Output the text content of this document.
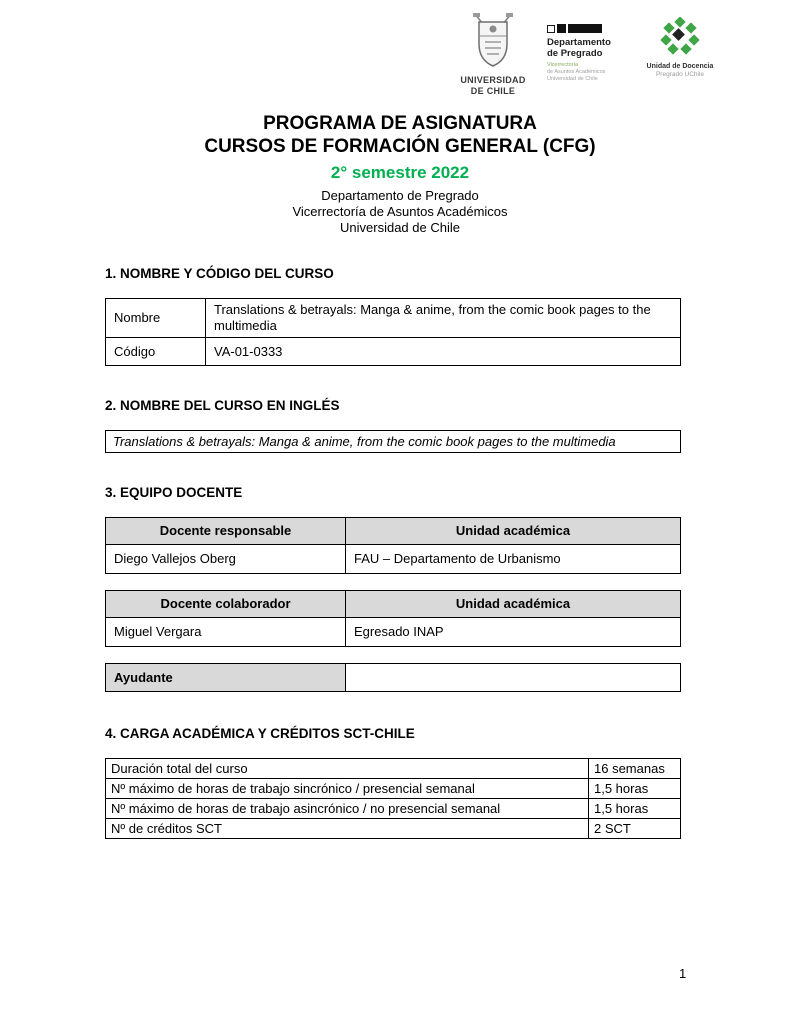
UNIVERSIDAD
DE CHILE
Departamento
de Pregrado
Vicerrectoría
de Asuntos Académicos
Universidad de Chile
Unidad de Docencia
Pregrado UChile
PROGRAMA DE ASIGNATURA
CURSOS DE FORMACIÓN GENERAL (CFG)
2° semestre 2022
Departamento de Pregrado
Vicerrectoría de Asuntos Académicos
Universidad de Chile
1. NOMBRE Y CÓDIGO DEL CURSO
Nombre	Translations & betrayals: Manga & anime, from the comic book pages to the multimedia
Código	VA-01-0333
2. NOMBRE DEL CURSO EN INGLÉS
Translations & betrayals: Manga & anime, from the comic book pages to the multimedia
3. EQUIPO DOCENTE
Docente responsable	Unidad académica
Diego Vallejos Oberg	FAU – Departamento de Urbanismo
Docente colaborador	Unidad académica
Miguel Vergara	Egresado INAP
Ayudante	
4. CARGA ACADÉMICA Y CRÉDITOS SCT-CHILE
Duración total del curso	16 semanas
Nº máximo de horas de trabajo sincrónico / presencial semanal	1,5 horas
Nº máximo de horas de trabajo asincrónico / no presencial semanal	1,5 horas
Nº de créditos SCT	2 SCT
1
